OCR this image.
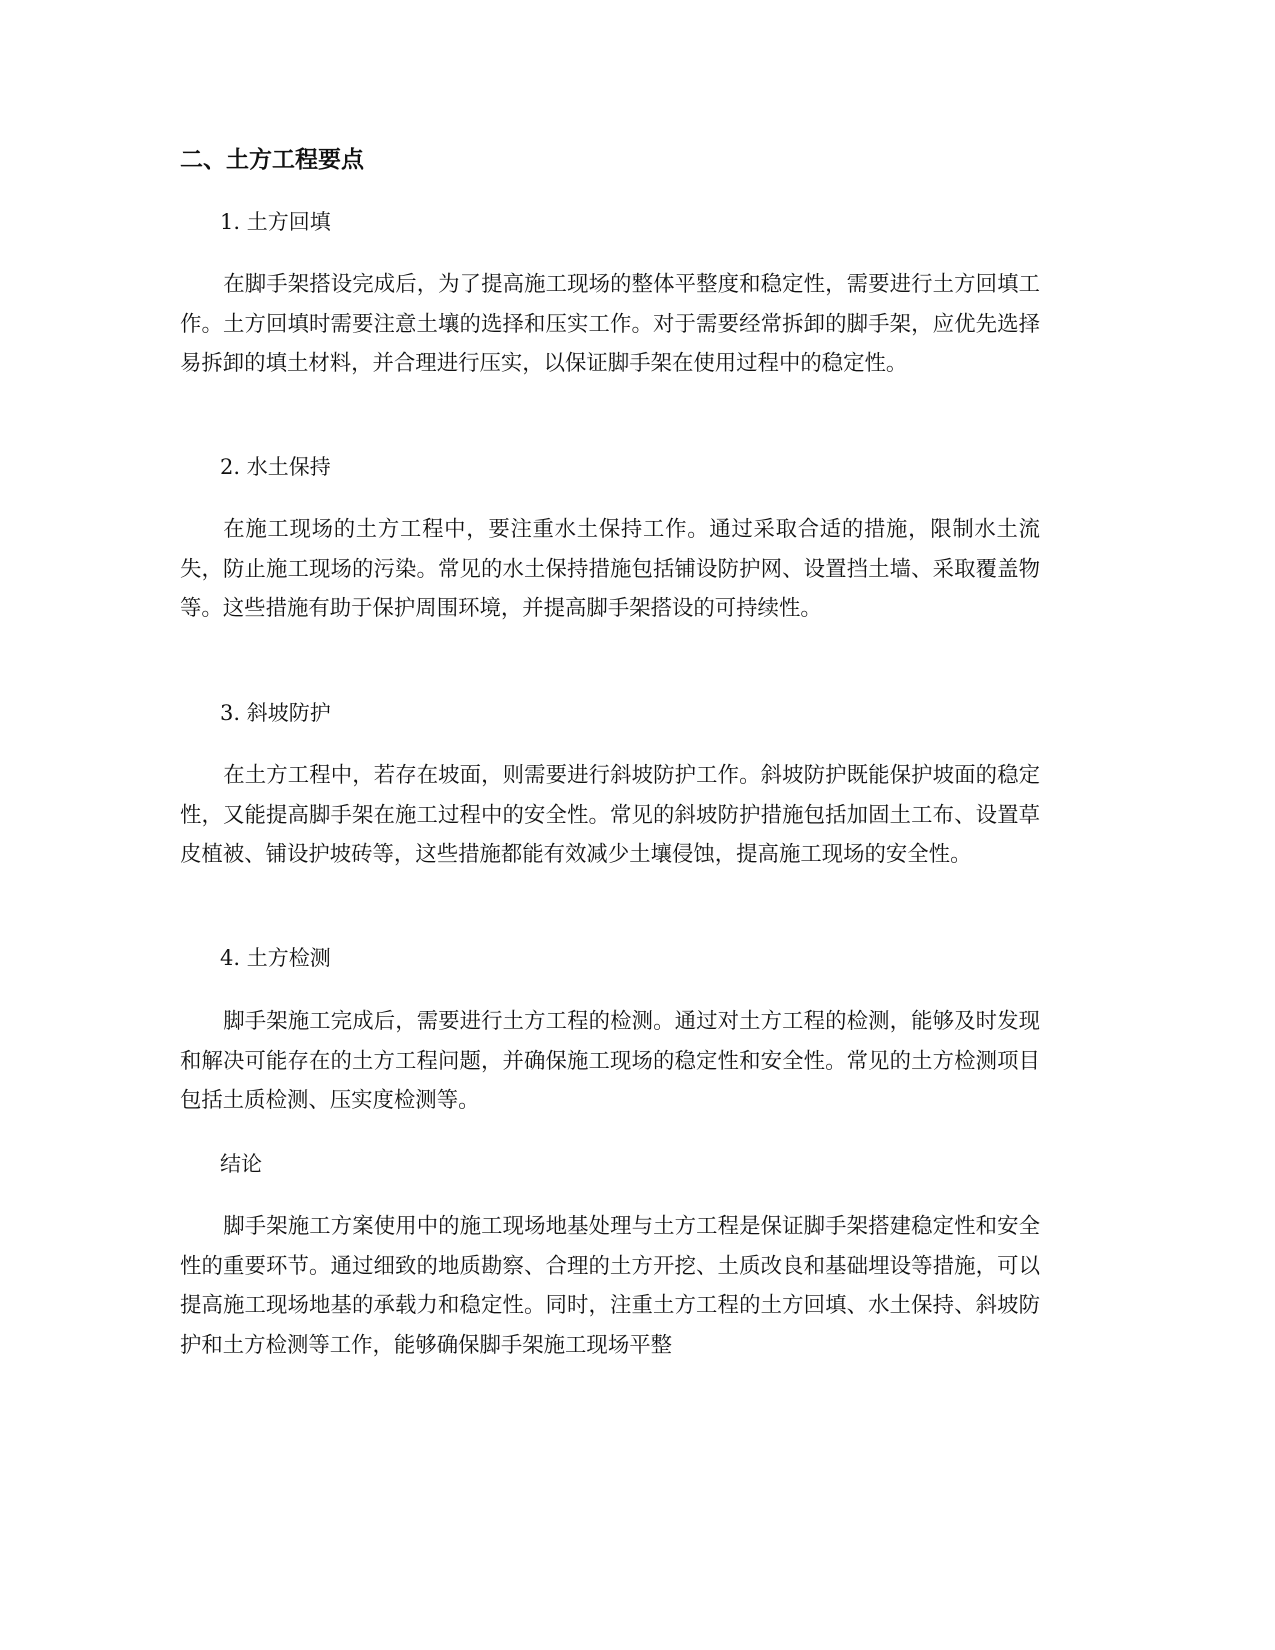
二、土方工程要点

1. 土方回填

在脚手架搭设完成后，为了提高施工现场的整体平整度和稳定性，需要进行土方回填工作。土方回填时需要注意土壤的选择和压实工作。对于需要经常拆卸的脚手架，应优先选择易拆卸的填土材料，并合理进行压实，以保证脚手架在使用过程中的稳定性。

2. 水土保持

在施工现场的土方工程中，要注重水土保持工作。通过采取合适的措施，限制水土流失，防止施工现场的污染。常见的水土保持措施包括铺设防护网、设置挡土墙、采取覆盖物等。这些措施有助于保护周围环境，并提高脚手架搭设的可持续性。

3. 斜坡防护

在土方工程中，若存在坡面，则需要进行斜坡防护工作。斜坡防护既能保护坡面的稳定性，又能提高脚手架在施工过程中的安全性。常见的斜坡防护措施包括加固土工布、设置草皮植被、铺设护坡砖等，这些措施都能有效减少土壤侵蚀，提高施工现场的安全性。

4. 土方检测

脚手架施工完成后，需要进行土方工程的检测。通过对土方工程的检测，能够及时发现和解决可能存在的土方工程问题，并确保施工现场的稳定性和安全性。常见的土方检测项目包括土质检测、压实度检测等。

结论

脚手架施工方案使用中的施工现场地基处理与土方工程是保证脚手架搭建稳定性和安全性的重要环节。通过细致的地质勘察、合理的土方开挖、土质改良和基础埋设等措施，可以提高施工现场地基的承载力和稳定性。同时，注重土方工程的土方回填、水土保持、斜坡防护和土方检测等工作，能够确保脚手架施工现场平整
